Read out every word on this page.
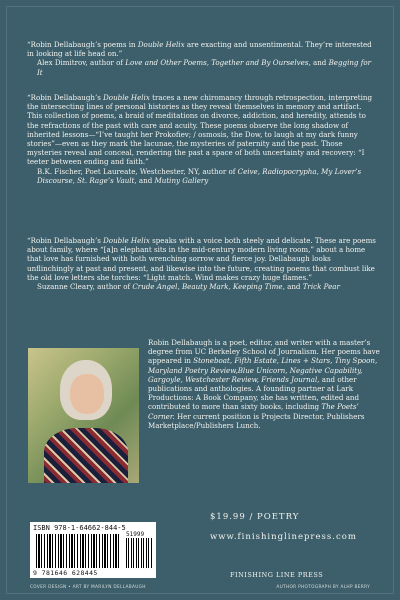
“Robin Dellabaugh’s poems in Double Helix are exacting and unsentimental. They’re interested in looking at life head on.”

Alex Dimitrov, author of Love and Other Poems, Together and By Ourselves, and Begging for It

“Robin Dellabaugh’s Double Helix traces a new chiromancy through retrospection, interpreting the intersecting lines of personal histories as they reveal themselves in memory and artifact. This collection of poems, a braid of meditations on divorce, addiction, and heredity, attends to the refractions of the past with care and acuity. These poems observe the long shadow of inherited lessons—“I’ve taught her Prokofiev; / osmosis, the Dow, to laugh at my dark funny stories”—even as they mark the lacunae, the mysteries of paternity and the past. Those mysteries reveal and conceal, rendering the past a space of both uncertainty and recovery: “I teeter between ending and faith.”

B.K. Fischer, Poet Laureate, Westchester, NY, author of Ceive, Radiopocrypha, My Lover’s Discourse, St. Rage’s Vault, and Mutiny Gallery

“Robin Dellabaugh’s Double Helix speaks with a voice both steely and delicate. These are poems about family, where “[a]n elephant sits in the mid-century modern living room,” about a home that love has furnished with both wrenching sorrow and fierce joy. Dellabaugh looks unflinchingly at past and present, and likewise into the future, creating poems that combust like the old love letters she torches: “Light match. Wind makes crazy huge flames.”

Suzanne Cleary, author of Crude Angel, Beauty Mark, Keeping Time, and Trick Pear

Robin Dellabaugh is a poet, editor, and writer with a master’s degree from UC Berkeley School of Journalism. Her poems have appeared in Stoneboat, Fifth Estate, Lines + Stars, Tiny Spoon, Maryland Poetry Review,Blue Unicorn, Negative Capability, Gargoyle, Westchester Review, Friends Journal, and other publications and anthologies. A founding partner at Lark Productions: A Book Company, she has written, edited and contributed to more than sixty books, including The Poets’ Corner. Her current position is Projects Director, Publishers Marketplace/Publishers Lunch.

ISBN 978-1-64662-844-5
51999
9 781646 628445
$19.99 / POETRY
www.finishinglinepress.com
FINISHING LINE PRESS
COVER DESIGN • ART BY MARILYN DELLABAUGH	AUTHOR PHOTOGRAPH BY ALHP BERRY
